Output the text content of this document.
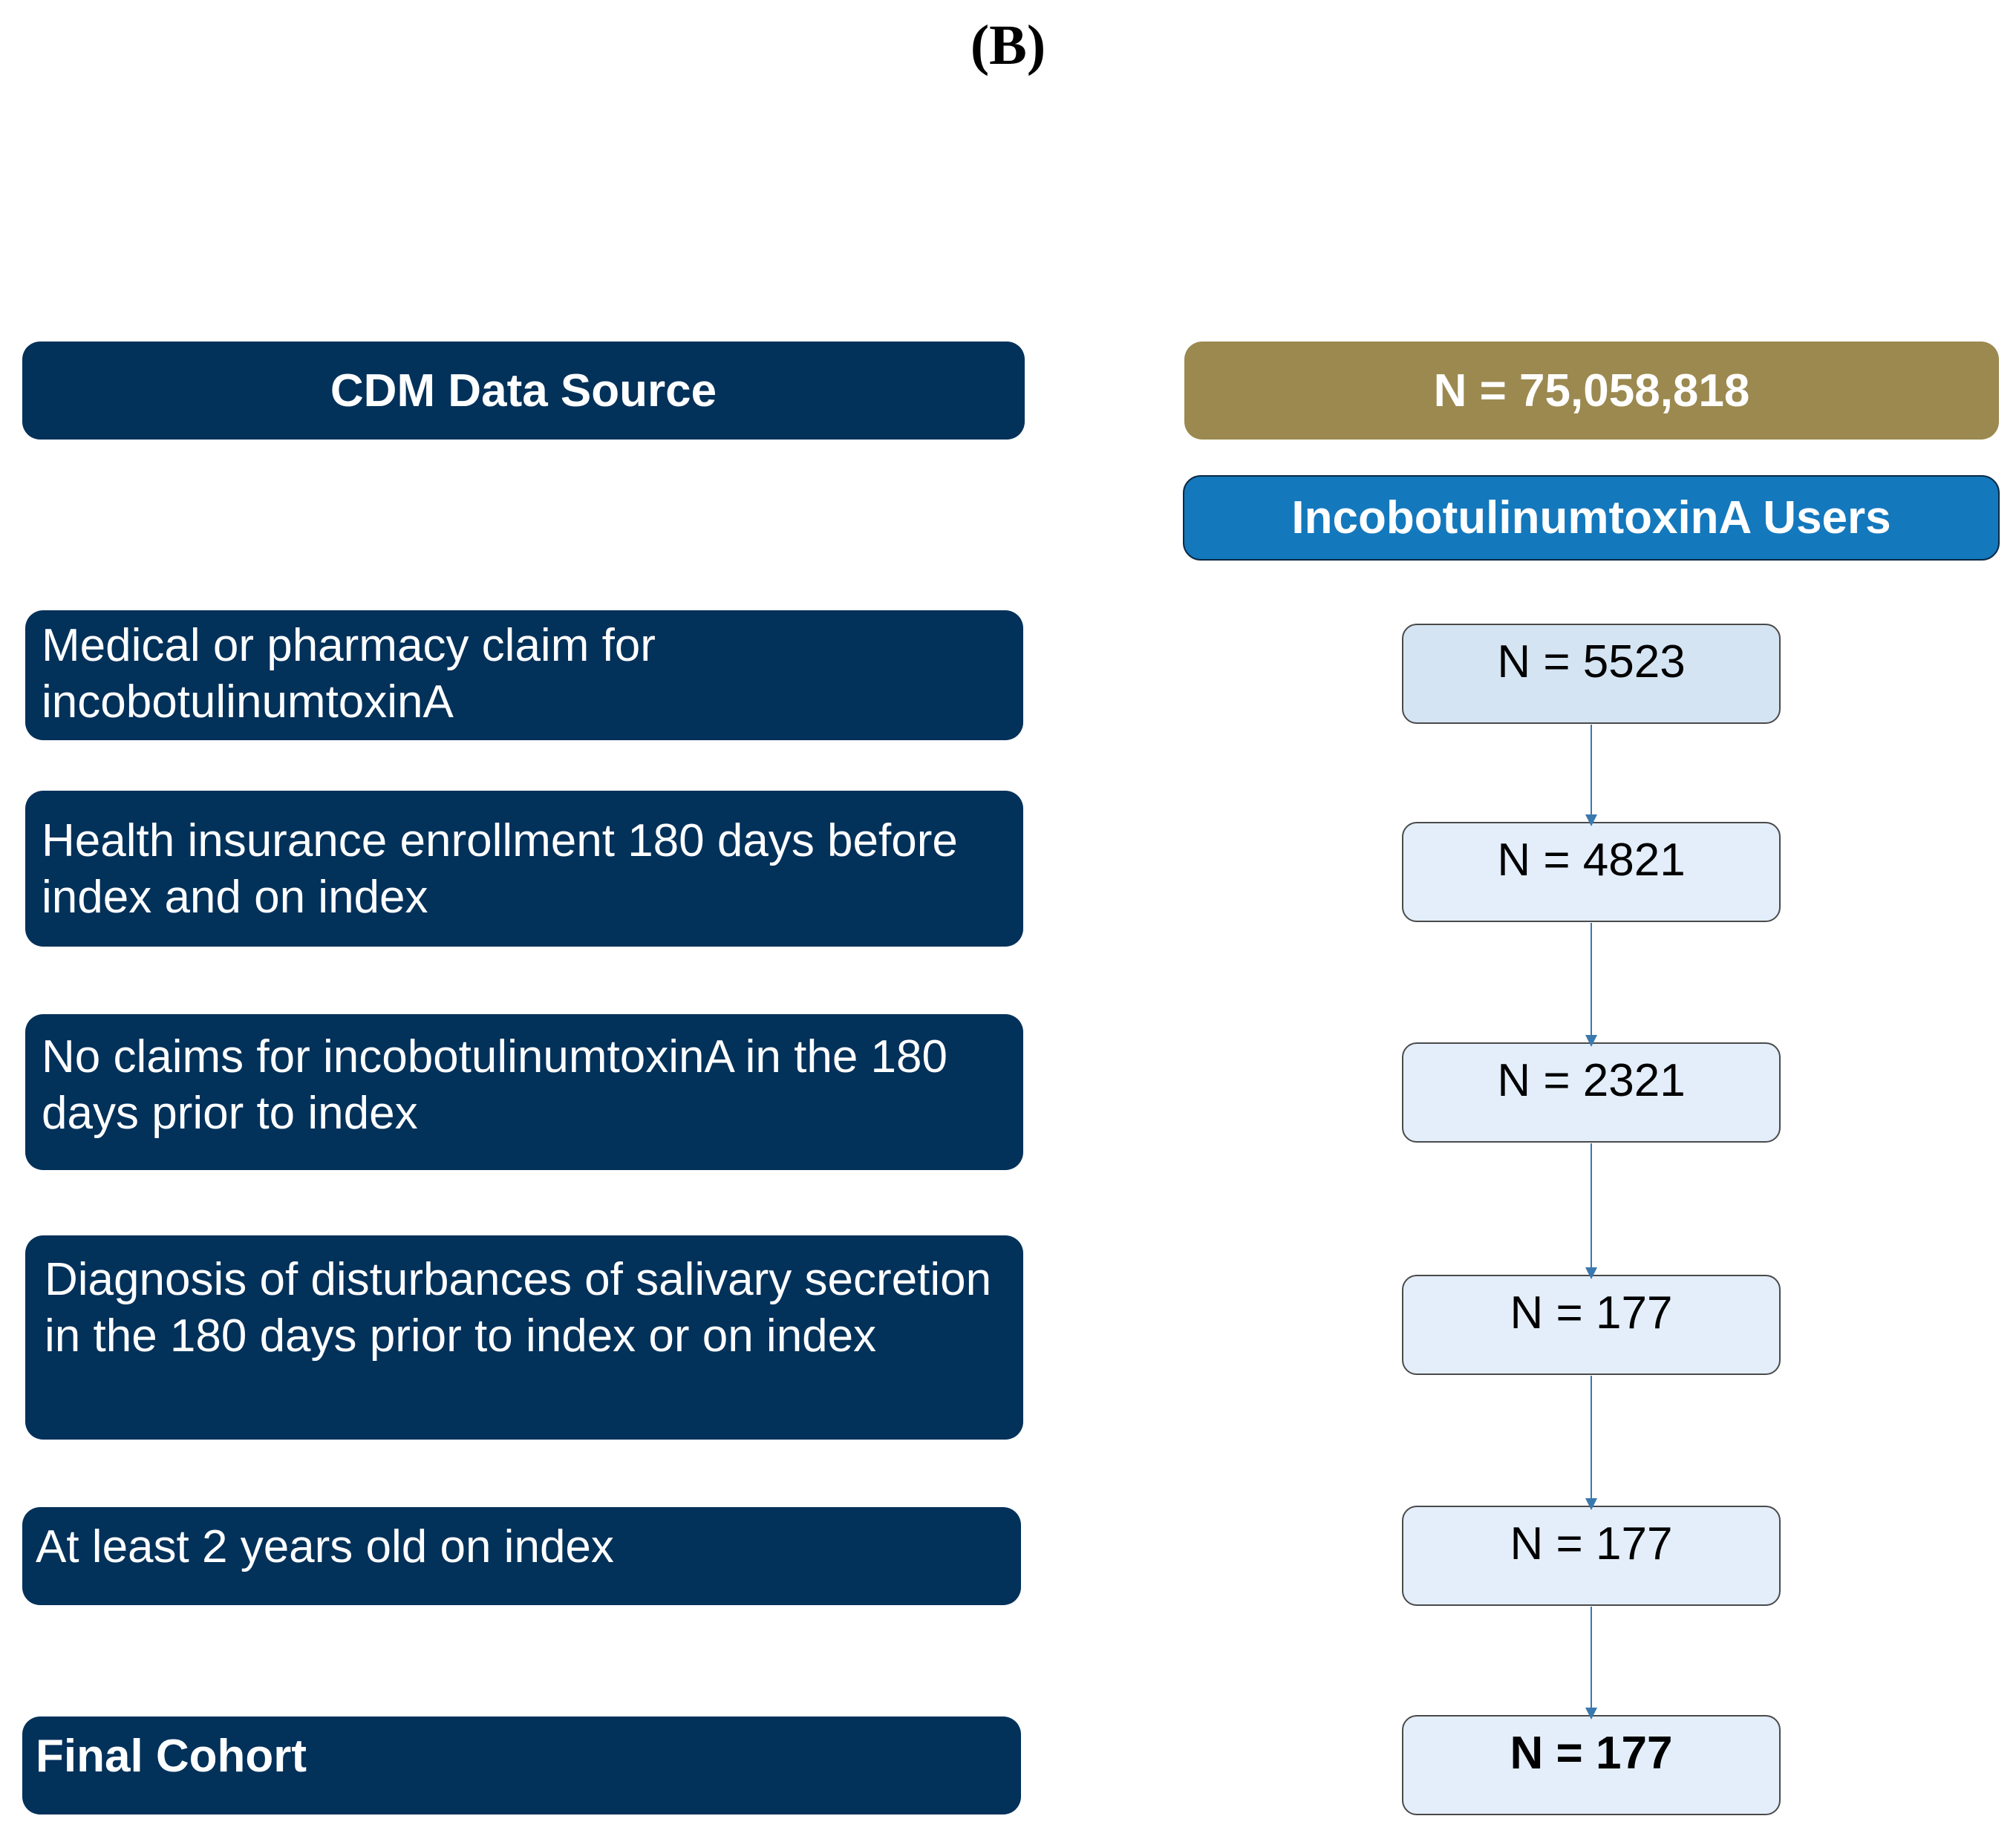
(B)
CDM Data Source	N = 75,058,818
IncobotulinumtoxinA Users
Medical or pharmacy claim for incobotulinumtoxinA
Health insurance enrollment 180 days before index and on index
No claims for incobotulinumtoxinA in the 180 days prior to index
Diagnosis of disturbances of salivary secretion in the 180 days prior to index or on index
At least 2 years old on index
Final Cohort
N = 5523
N = 4821
N = 2321
N = 177
N = 177
N = 177
